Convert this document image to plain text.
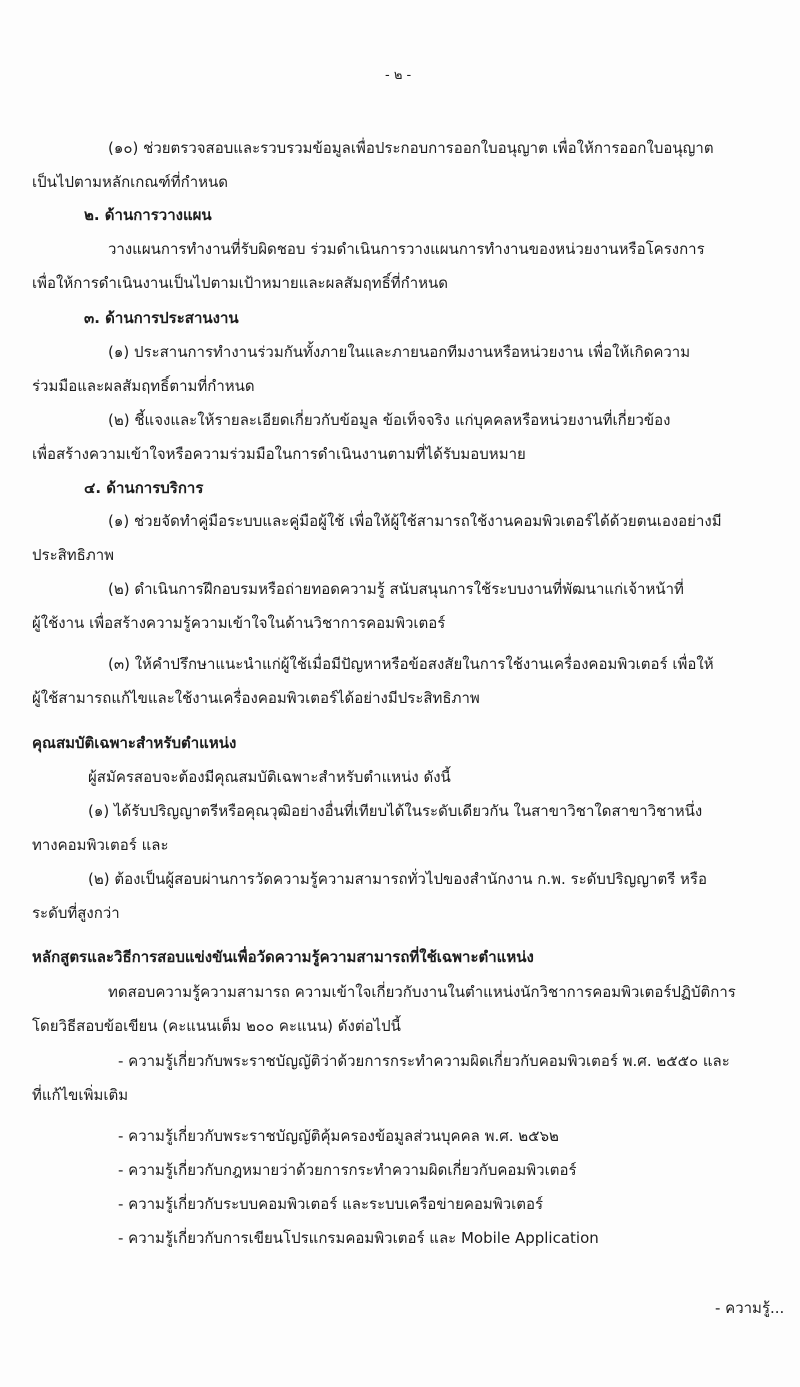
- ๒ -
(๑๐) ช่วยตรวจสอบและรวบรวมข้อมูลเพื่อประกอบการออกใบอนุญาต เพื่อให้การออกใบอนุญาต
เป็นไปตามหลักเกณฑ์ที่กำหนด
๒. ด้านการวางแผน
วางแผนการทำงานที่รับผิดชอบ ร่วมดำเนินการวางแผนการทำงานของหน่วยงานหรือโครงการ
เพื่อให้การดำเนินงานเป็นไปตามเป้าหมายและผลสัมฤทธิ์ที่กำหนด
๓. ด้านการประสานงาน
(๑) ประสานการทำงานร่วมกันทั้งภายในและภายนอกทีมงานหรือหน่วยงาน เพื่อให้เกิดความ
ร่วมมือและผลสัมฤทธิ์ตามที่กำหนด
(๒) ชี้แจงและให้รายละเอียดเกี่ยวกับข้อมูล ข้อเท็จจริง แก่บุคคลหรือหน่วยงานที่เกี่ยวข้อง
เพื่อสร้างความเข้าใจหรือความร่วมมือในการดำเนินงานตามที่ได้รับมอบหมาย
๔. ด้านการบริการ
(๑) ช่วยจัดทำคู่มือระบบและคู่มือผู้ใช้ เพื่อให้ผู้ใช้สามารถใช้งานคอมพิวเตอร์ได้ด้วยตนเองอย่างมี
ประสิทธิภาพ
(๒) ดำเนินการฝึกอบรมหรือถ่ายทอดความรู้ สนับสนุนการใช้ระบบงานที่พัฒนาแก่เจ้าหน้าที่
ผู้ใช้งาน เพื่อสร้างความรู้ความเข้าใจในด้านวิชาการคอมพิวเตอร์
(๓) ให้คำปรึกษาแนะนำแก่ผู้ใช้เมื่อมีปัญหาหรือข้อสงสัยในการใช้งานเครื่องคอมพิวเตอร์ เพื่อให้
ผู้ใช้สามารถแก้ไขและใช้งานเครื่องคอมพิวเตอร์ได้อย่างมีประสิทธิภาพ
คุณสมบัติเฉพาะสำหรับตำแหน่ง
ผู้สมัครสอบจะต้องมีคุณสมบัติเฉพาะสำหรับตำแหน่ง ดังนี้
(๑) ได้รับปริญญาตรีหรือคุณวุฒิอย่างอื่นที่เทียบได้ในระดับเดียวกัน ในสาขาวิชาใดสาขาวิชาหนึ่ง
ทางคอมพิวเตอร์ และ
(๒) ต้องเป็นผู้สอบผ่านการวัดความรู้ความสามารถทั่วไปของสำนักงาน ก.พ. ระดับปริญญาตรี หรือ
ระดับที่สูงกว่า
หลักสูตรและวิธีการสอบแข่งขันเพื่อวัดความรู้ความสามารถที่ใช้เฉพาะตำแหน่ง
ทดสอบความรู้ความสามารถ ความเข้าใจเกี่ยวกับงานในตำแหน่งนักวิชาการคอมพิวเตอร์ปฏิบัติการ
โดยวิธีสอบข้อเขียน (คะแนนเต็ม ๒๐๐ คะแนน) ดังต่อไปนี้
- ความรู้เกี่ยวกับพระราชบัญญัติว่าด้วยการกระทำความผิดเกี่ยวกับคอมพิวเตอร์ พ.ศ. ๒๕๕๐ และ
ที่แก้ไขเพิ่มเติม
- ความรู้เกี่ยวกับพระราชบัญญัติคุ้มครองข้อมูลส่วนบุคคล พ.ศ. ๒๕๖๒
- ความรู้เกี่ยวกับกฎหมายว่าด้วยการกระทำความผิดเกี่ยวกับคอมพิวเตอร์
- ความรู้เกี่ยวกับระบบคอมพิวเตอร์ และระบบเครือข่ายคอมพิวเตอร์
- ความรู้เกี่ยวกับการเขียนโปรแกรมคอมพิวเตอร์ และ Mobile Application
- ความรู้...
